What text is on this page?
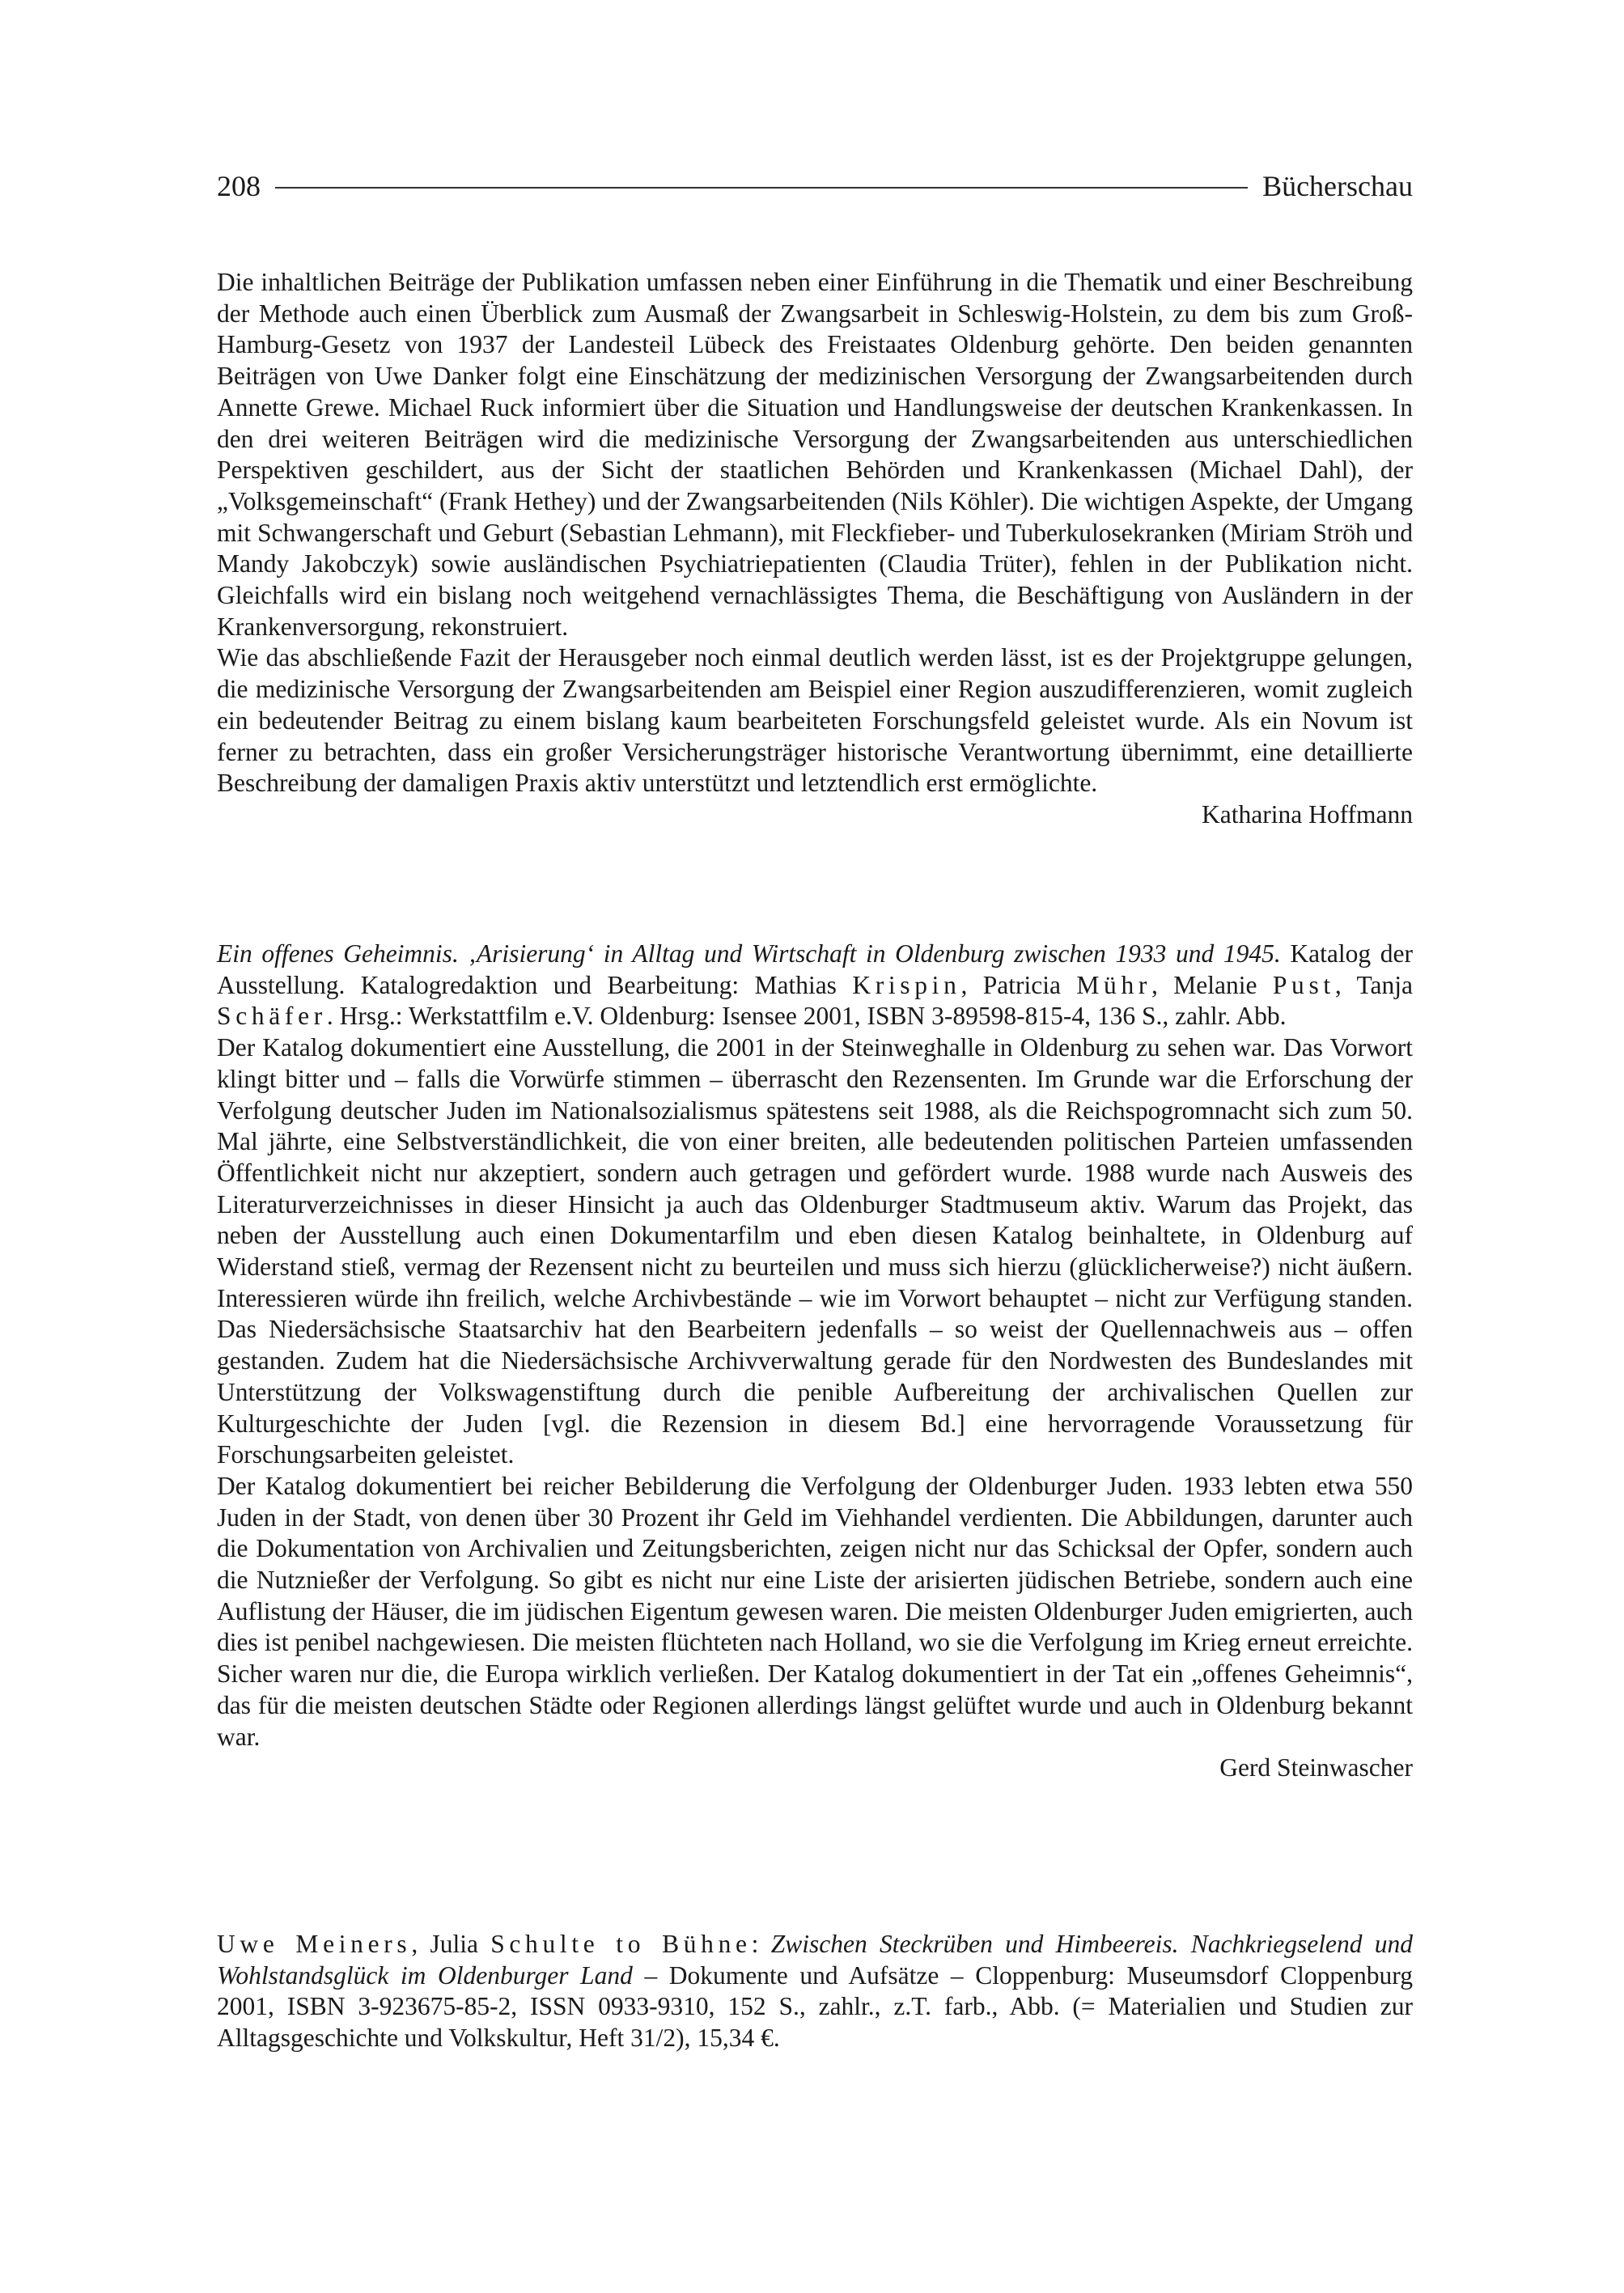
208	Bücherschau

Die inhaltlichen Beiträge der Publikation umfassen neben einer Einführung in die Thematik und einer Beschreibung der Methode auch einen Überblick zum Ausmaß der Zwangsarbeit in Schleswig-Holstein, zu dem bis zum Groß-Hamburg-Gesetz von 1937 der Landesteil Lübeck des Freistaates Oldenburg gehörte. Den beiden genannten Beiträgen von Uwe Danker folgt eine Einschätzung der medizinischen Versorgung der Zwangsarbeitenden durch Annette Grewe. Michael Ruck informiert über die Situation und Handlungsweise der deutschen Krankenkassen. In den drei weiteren Beiträgen wird die medizinische Versorgung der Zwangsarbeitenden aus unterschiedlichen Perspektiven geschildert, aus der Sicht der staatlichen Behörden und Krankenkassen (Michael Dahl), der „Volksgemeinschaft“ (Frank Hethey) und der Zwangsarbeitenden (Nils Köhler). Die wichtigen Aspekte, der Umgang mit Schwangerschaft und Geburt (Sebastian Lehmann), mit Fleckfieber- und Tuberkulosekranken (Miriam Ströh und Mandy Jakobczyk) sowie ausländischen Psychiatriepatienten (Claudia Trüter), fehlen in der Publikation nicht. Gleichfalls wird ein bislang noch weitgehend vernachlässigtes Thema, die Beschäftigung von Ausländern in der Krankenversorgung, rekonstruiert.

Wie das abschließende Fazit der Herausgeber noch einmal deutlich werden lässt, ist es der Projektgruppe gelungen, die medizinische Versorgung der Zwangsarbeitenden am Beispiel einer Region auszudifferenzieren, womit zugleich ein bedeutender Beitrag zu einem bislang kaum bearbeiteten Forschungsfeld geleistet wurde. Als ein Novum ist ferner zu betrachten, dass ein großer Versicherungsträger historische Verantwortung übernimmt, eine detaillierte Beschreibung der damaligen Praxis aktiv unterstützt und letztendlich erst ermöglichte.

Katharina Hoffmann

Ein offenes Geheimnis. ‚Arisierung‘ in Alltag und Wirtschaft in Oldenburg zwischen 1933 und 1945. Katalog der Ausstellung. Katalogredaktion und Bearbeitung: Mathias Krispin, Patricia Mühr, Melanie Pust, Tanja Schäfer. Hrsg.: Werkstattfilm e.V. Oldenburg: Isensee 2001, ISBN 3-89598-815-4, 136 S., zahlr. Abb.

Der Katalog dokumentiert eine Ausstellung, die 2001 in der Steinweghalle in Oldenburg zu sehen war. Das Vorwort klingt bitter und – falls die Vorwürfe stimmen – überrascht den Rezensenten. Im Grunde war die Erforschung der Verfolgung deutscher Juden im Nationalsozialismus spätestens seit 1988, als die Reichspogromnacht sich zum 50. Mal jährte, eine Selbstverständlichkeit, die von einer breiten, alle bedeutenden politischen Parteien umfassenden Öffentlichkeit nicht nur akzeptiert, sondern auch getragen und gefördert wurde. 1988 wurde nach Ausweis des Literaturverzeichnisses in dieser Hinsicht ja auch das Oldenburger Stadtmuseum aktiv. Warum das Projekt, das neben der Ausstellung auch einen Dokumentarfilm und eben diesen Katalog beinhaltete, in Oldenburg auf Widerstand stieß, vermag der Rezensent nicht zu beurteilen und muss sich hierzu (glücklicherweise?) nicht äußern. Interessieren würde ihn freilich, welche Archivbestände – wie im Vorwort behauptet – nicht zur Verfügung standen. Das Niedersächsische Staatsarchiv hat den Bearbeitern jedenfalls – so weist der Quellennachweis aus – offen gestanden. Zudem hat die Niedersächsische Archivverwaltung gerade für den Nordwesten des Bundeslandes mit Unterstützung der Volkswagenstiftung durch die penible Aufbereitung der archivalischen Quellen zur Kulturgeschichte der Juden [vgl. die Rezension in diesem Bd.] eine hervorragende Voraussetzung für Forschungsarbeiten geleistet.

Der Katalog dokumentiert bei reicher Bebilderung die Verfolgung der Oldenburger Juden. 1933 lebten etwa 550 Juden in der Stadt, von denen über 30 Prozent ihr Geld im Viehhandel verdienten. Die Abbildungen, darunter auch die Dokumentation von Archivalien und Zeitungsberichten, zeigen nicht nur das Schicksal der Opfer, sondern auch die Nutznießer der Verfolgung. So gibt es nicht nur eine Liste der arisierten jüdischen Betriebe, sondern auch eine Auflistung der Häuser, die im jüdischen Eigentum gewesen waren. Die meisten Oldenburger Juden emigrierten, auch dies ist penibel nachgewiesen. Die meisten flüchteten nach Holland, wo sie die Verfolgung im Krieg erneut erreichte. Sicher waren nur die, die Europa wirklich verließen. Der Katalog dokumentiert in der Tat ein „offenes Geheimnis“, das für die meisten deutschen Städte oder Regionen allerdings längst gelüftet wurde und auch in Oldenburg bekannt war.

Gerd Steinwascher

Uwe Meiners, Julia Schulte to Bühne: Zwischen Steckrüben und Himbeereis. Nachkriegselend und Wohlstandsglück im Oldenburger Land – Dokumente und Aufsätze – Cloppenburg: Museumsdorf Cloppenburg 2001, ISBN 3-923675-85-2, ISSN 0933-9310, 152 S., zahlr., z.T. farb., Abb. (= Materialien und Studien zur Alltagsgeschichte und Volkskultur, Heft 31/2), 15,34 €.
